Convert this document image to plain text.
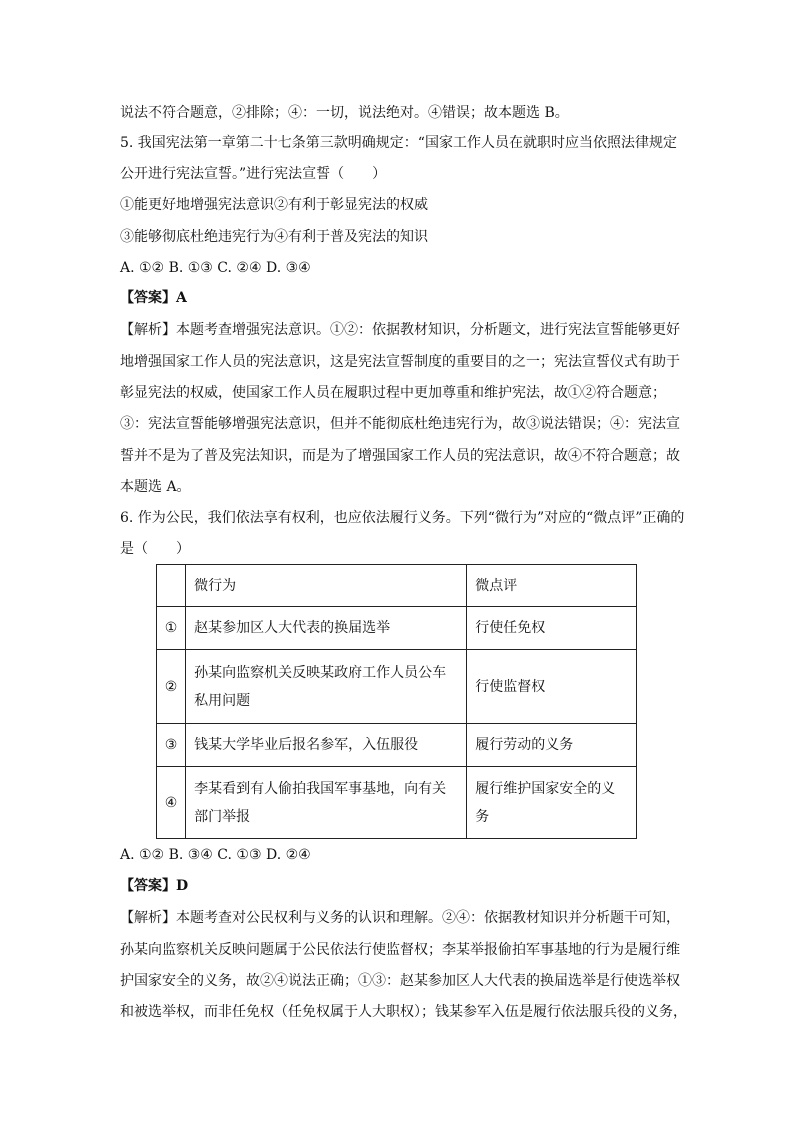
说法不符合题意，②排除；④：一切，说法绝对。④错误；故本题选 B。
5. 我国宪法第一章第二十七条第三款明确规定：“国家工作人员在就职时应当依照法律规定
公开进行宪法宣誓。”进行宪法宣誓（　　）
①能更好地增强宪法意识②有利于彰显宪法的权威
③能够彻底杜绝违宪行为④有利于普及宪法的知识
A. ①② B. ①③ C. ②④ D. ③④
【答案】A
【解析】本题考查增强宪法意识。①②：依据教材知识，分析题文，进行宪法宣誓能够更好
地增强国家工作人员的宪法意识，这是宪法宣誓制度的重要目的之一；宪法宣誓仪式有助于
彰显宪法的权威，使国家工作人员在履职过程中更加尊重和维护宪法，故①②符合题意；
③：宪法宣誓能够增强宪法意识，但并不能彻底杜绝违宪行为，故③说法错误；④：宪法宣
誓并不是为了普及宪法知识，而是为了增强国家工作人员的宪法意识，故④不符合题意；故
本题选 A。
6. 作为公民，我们依法享有权利，也应依法履行义务。下列“微行为”对应的“微点评”正确的
是（　　）
	微行为	微点评
①	赵某参加区人大代表的换届选举	行使任免权
②	孙某向监察机关反映某政府工作人员公车私用问题	行使监督权
③	钱某大学毕业后报名参军，入伍服役	履行劳动的义务
④	李某看到有人偷拍我国军事基地，向有关部门举报	履行维护国家安全的义务
A. ①② B. ③④ C. ①③ D. ②④
【答案】D
【解析】本题考查对公民权利与义务的认识和理解。②④：依据教材知识并分析题干可知，
孙某向监察机关反映问题属于公民依法行使监督权；李某举报偷拍军事基地的行为是履行维
护国家安全的义务，故②④说法正确；①③：赵某参加区人大代表的换届选举是行使选举权
和被选举权，而非任免权（任免权属于人大职权）；钱某参军入伍是履行依法服兵役的义务，
